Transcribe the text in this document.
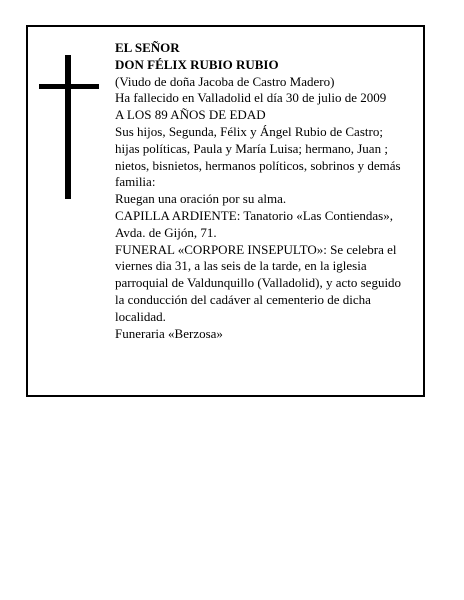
EL SEÑOR
DON FÉLIX RUBIO RUBIO
(Viudo de doña Jacoba de Castro Madero)
Ha fallecido en Valladolid el día 30 de julio de 2009
A LOS 89 AÑOS DE EDAD
Sus hijos, Segunda, Félix y Ángel Rubio de Castro;
hijas políticas, Paula y María Luisa; hermano, Juan ;
nietos, bisnietos, hermanos políticos, sobrinos y demás
familia:
Ruegan una oración por su alma.
CAPILLA ARDIENTE: Tanatorio «Las Contiendas»,
Avda. de Gijón, 71.
FUNERAL «CORPORE INSEPULTO»: Se celebra el
viernes dia 31, a las seis de la tarde, en la iglesia
parroquial de Valdunquillo (Valladolid), y acto seguido
la conducción del cadáver al cementerio de dicha
localidad.
Funeraria «Berzosa»
